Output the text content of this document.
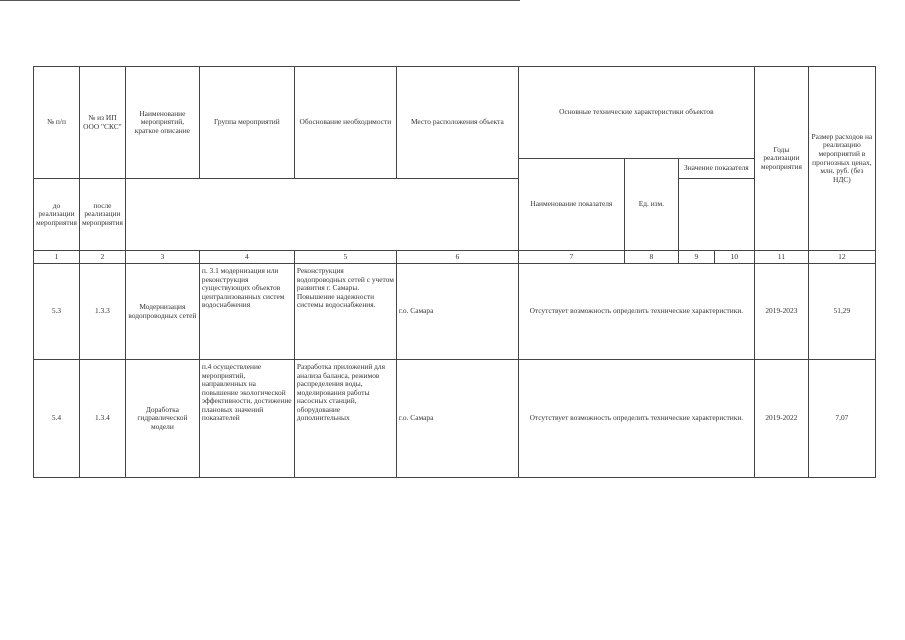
№ п/п	№ из ИП ООО "СКС"	Наименование мероприятий, краткое описание	Группа мероприятий	Обоснование необходимости	Место расположения объекта	Основные технические характеристики объектов				Годы реализации мероприятия	Размер расходов на реализацию мероприятий в прогнозных ценах, млн. руб. (без НДС)
						Наименование показателя	Ед. изм.	Значение показателя			
до реализации мероприятия	после реализации мероприятия										
1	2	3	4	5	6	7	8	9	10	11	12
5.3	1.3.3	Модернизация водопроводных сетей	п. 3.1 модернизация или реконструкция существующих объектов централизованных систем водоснабжения	Реконструкция водопроводных сетей с учетом развития г. Самары. Повышение надежности системы водоснабжения.	г.о. Самара	Отсутствует возможность определить технические характеристики.				2019-2023	51,29
5.4	1.3.4	Доработка гидравлической модели	п.4 осуществление мероприятий, направленных на повышение экологической эффективности, достижение плановых значений показателей	Разработка приложений для анализа баланса, режимов распределения воды, моделирования работы насосных станций, оборудование дополнительных	г.о. Самара	Отсутствует возможность определить технические характеристики.				2019-2022	7,07
